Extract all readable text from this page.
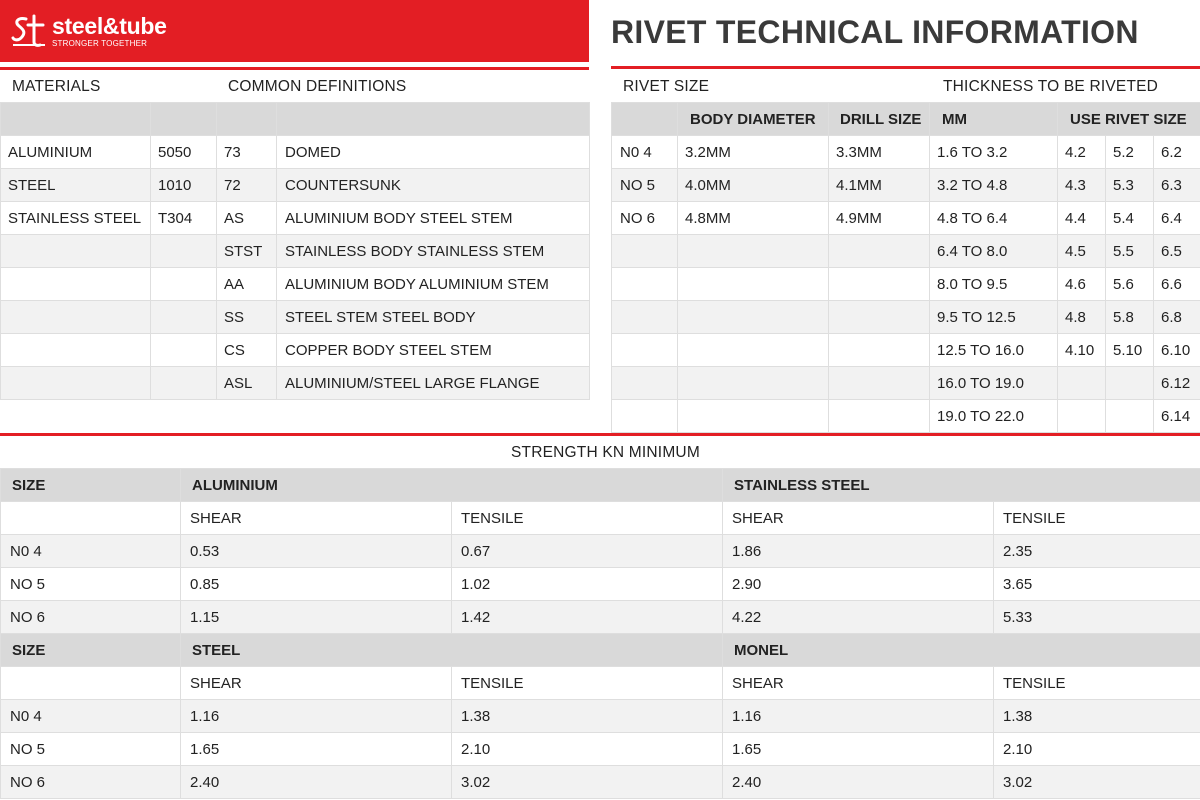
steel&tube
STRONGER TOGETHER	RIVET TECHNICAL INFORMATION
MATERIALS	COMMON DEFINITIONS

ALUMINIUM	5050	73	DOMED
STEEL	1010	72	COUNTERSUNK
STAINLESS STEEL	T304	AS	ALUMINIUM BODY STEEL STEM
		STST	STAINLESS BODY STAINLESS STEM
		AA	ALUMINIUM BODY ALUMINIUM STEM
		SS	STEEL STEM STEEL BODY
		CS	COPPER BODY STEEL STEM
		ASL	ALUMINIUM/STEEL LARGE FLANGE
RIVET SIZE	THICKNESS TO BE RIVETED
	BODY DIAMETER	DRILL SIZE	MM	USE RIVET SIZE		
N0 4	3.2MM	3.3MM	1.6 TO 3.2	4.2	5.2	6.2
NO 5	4.0MM	4.1MM	3.2 TO 4.8	4.3	5.3	6.3
NO 6	4.8MM	4.9MM	4.8 TO 6.4	4.4	5.4	6.4
			6.4 TO 8.0	4.5	5.5	6.5
			8.0 TO 9.5	4.6	5.6	6.6
			9.5 TO 12.5	4.8	5.8	6.8
			12.5 TO 16.0	4.10	5.10	6.10
			16.0 TO 19.0			6.12
			19.0 TO 22.0			6.14
STRENGTH KN MINIMUM
SIZE	ALUMINIUM		STAINLESS STEEL	
	SHEAR	TENSILE	SHEAR	TENSILE
N0 4	0.53	0.67	1.86	2.35
NO 5	0.85	1.02	2.90	3.65
NO 6	1.15	1.42	4.22	5.33
SIZE	STEEL		MONEL	
	SHEAR	TENSILE	SHEAR	TENSILE
N0 4	1.16	1.38	1.16	1.38
NO 5	1.65	2.10	1.65	2.10
NO 6	2.40	3.02	2.40	3.02
